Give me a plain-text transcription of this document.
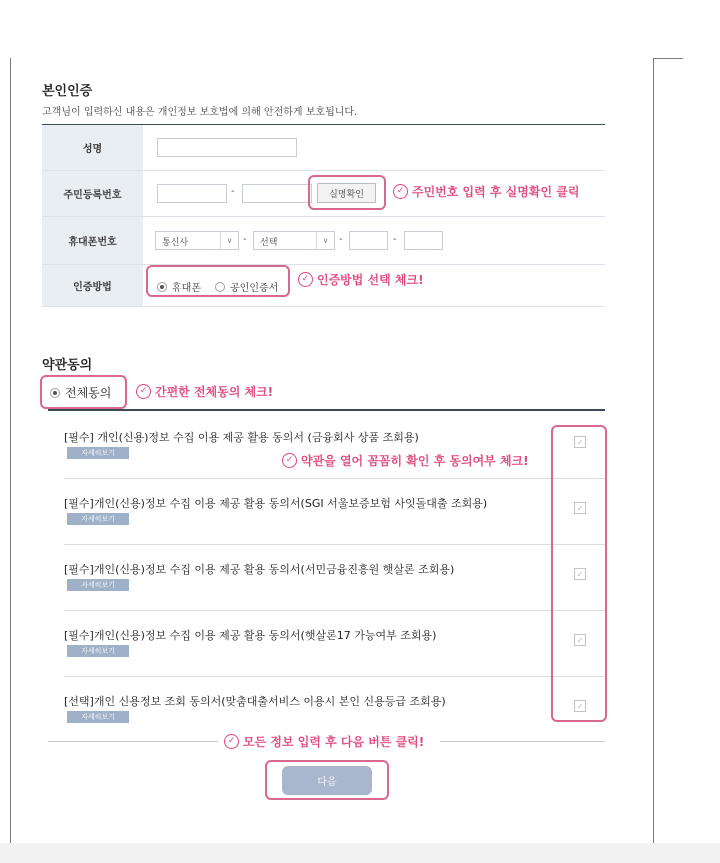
본인인증
고객님이 입력하신 내용은 개인정보 보호법에 의해 안전하게 보호됩니다.
성명
주민등록번호	-	실명확인
휴대폰번호	통신사	∨	- 선택	∨	-	-
인증방법	휴대폰	공인인증서
✓ 주민번호 입력 후 실명확인 클릭
✓ 인증방법 선택 체크!
약관동의
전체동의	✓ 간편한 전체동의 체크!
[필수] 개인(신용)정보 수집 이용 제공 활용 동의서 (금융회사 상품 조회용)
자세히보기
✓
[필수]개인(신용)정보 수집 이용 제공 활용 동의서(SGI 서울보증보험 사잇돌대출 조회용)
자세히보기
✓
[필수]개인(신용)정보 수집 이용 제공 활용 동의서(서민금융진흥원 햇살론 조회용)
자세히보기
✓
[필수]개인(신용)정보 수집 이용 제공 활용 동의서(햇살론17 가능여부 조회용)
자세히보기
✓
[선택]개인 신용정보 조회 동의서(맞춤대출서비스 이용시 본인 신용등급 조회용)
자세히보기
✓
✓ 약관을 열어 꼼꼼히 확인 후 동의여부 체크!
✓ 모든 정보 입력 후 다음 버튼 클릭!
다음
